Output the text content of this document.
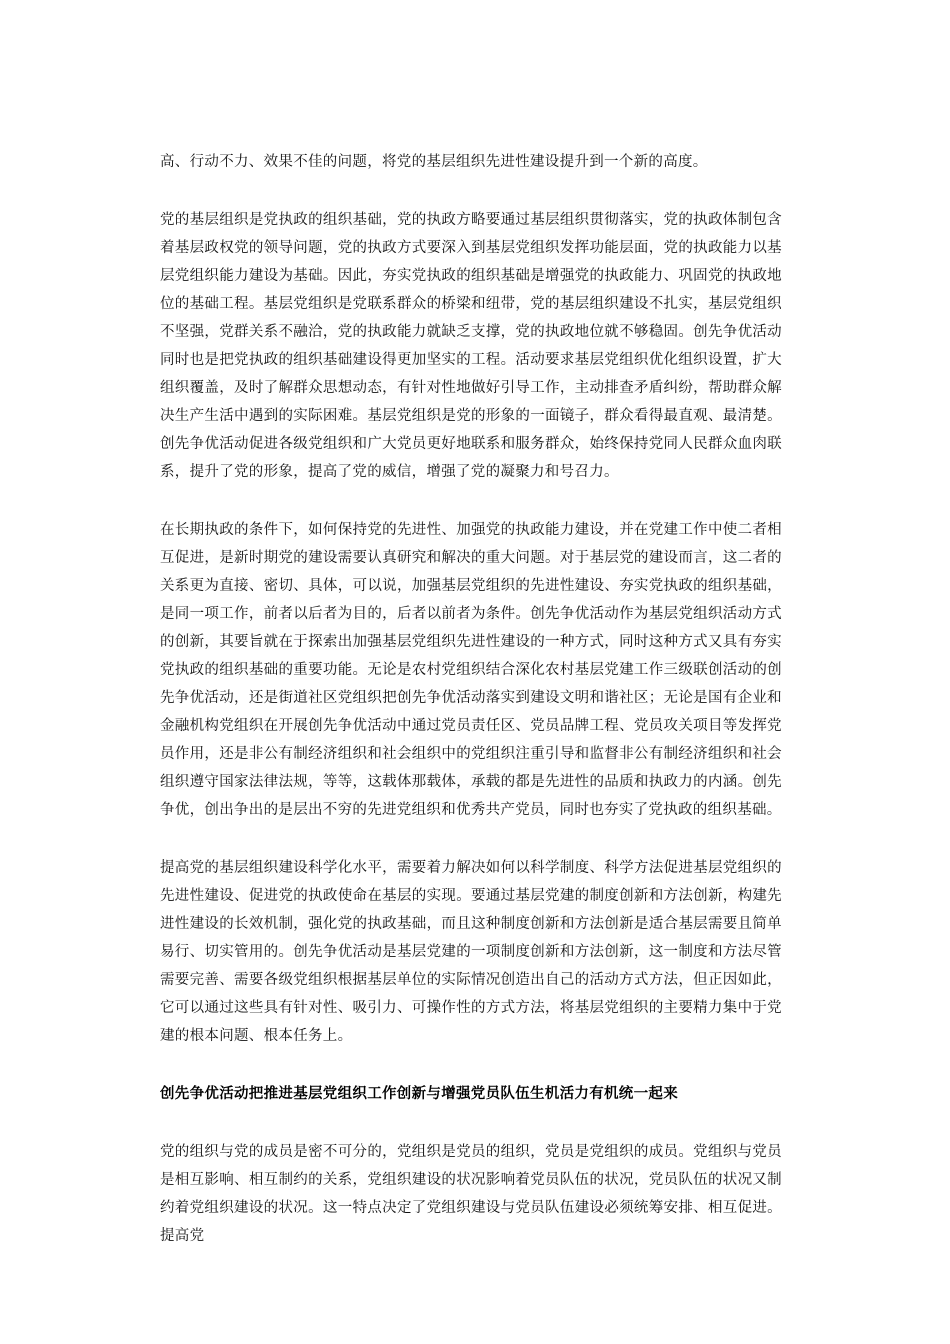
高、行动不力、效果不佳的问题，将党的基层组织先进性建设提升到一个新的高度。

党的基层组织是党执政的组织基础，党的执政方略要通过基层组织贯彻落实，党的执政体制包含着基层政权党的领导问题，党的执政方式要深入到基层党组织发挥功能层面，党的执政能力以基层党组织能力建设为基础。因此，夯实党执政的组织基础是增强党的执政能力、巩固党的执政地位的基础工程。基层党组织是党联系群众的桥梁和纽带，党的基层组织建设不扎实，基层党组织不坚强，党群关系不融洽，党的执政能力就缺乏支撑，党的执政地位就不够稳固。创先争优活动同时也是把党执政的组织基础建设得更加坚实的工程。活动要求基层党组织优化组织设置，扩大组织覆盖，及时了解群众思想动态，有针对性地做好引导工作，主动排查矛盾纠纷，帮助群众解决生产生活中遇到的实际困难。基层党组织是党的形象的一面镜子，群众看得最直观、最清楚。创先争优活动促进各级党组织和广大党员更好地联系和服务群众，始终保持党同人民群众血肉联系，提升了党的形象，提高了党的威信，增强了党的凝聚力和号召力。

在长期执政的条件下，如何保持党的先进性、加强党的执政能力建设，并在党建工作中使二者相互促进，是新时期党的建设需要认真研究和解决的重大问题。对于基层党的建设而言，这二者的关系更为直接、密切、具体，可以说，加强基层党组织的先进性建设、夯实党执政的组织基础，是同一项工作，前者以后者为目的，后者以前者为条件。创先争优活动作为基层党组织活动方式的创新，其要旨就在于探索出加强基层党组织先进性建设的一种方式，同时这种方式又具有夯实党执政的组织基础的重要功能。无论是农村党组织结合深化农村基层党建工作三级联创活动的创先争优活动，还是街道社区党组织把创先争优活动落实到建设文明和谐社区；无论是国有企业和金融机构党组织在开展创先争优活动中通过党员责任区、党员品牌工程、党员攻关项目等发挥党员作用，还是非公有制经济组织和社会组织中的党组织注重引导和监督非公有制经济组织和社会组织遵守国家法律法规，等等，这载体那载体，承载的都是先进性的品质和执政力的内涵。创先争优，创出争出的是层出不穷的先进党组织和优秀共产党员，同时也夯实了党执政的组织基础。

提高党的基层组织建设科学化水平，需要着力解决如何以科学制度、科学方法促进基层党组织的先进性建设、促进党的执政使命在基层的实现。要通过基层党建的制度创新和方法创新，构建先进性建设的长效机制，强化党的执政基础，而且这种制度创新和方法创新是适合基层需要且简单易行、切实管用的。创先争优活动是基层党建的一项制度创新和方法创新，这一制度和方法尽管需要完善、需要各级党组织根据基层单位的实际情况创造出自己的活动方式方法，但正因如此，它可以通过这些具有针对性、吸引力、可操作性的方式方法，将基层党组织的主要精力集中于党建的根本问题、根本任务上。

创先争优活动把推进基层党组织工作创新与增强党员队伍生机活力有机统一起来

党的组织与党的成员是密不可分的，党组织是党员的组织，党员是党组织的成员。党组织与党员是相互影响、相互制约的关系，党组织建设的状况影响着党员队伍的状况，党员队伍的状况又制约着党组织建设的状况。这一特点决定了党组织建设与党员队伍建设必须统筹安排、相互促进。提高党
